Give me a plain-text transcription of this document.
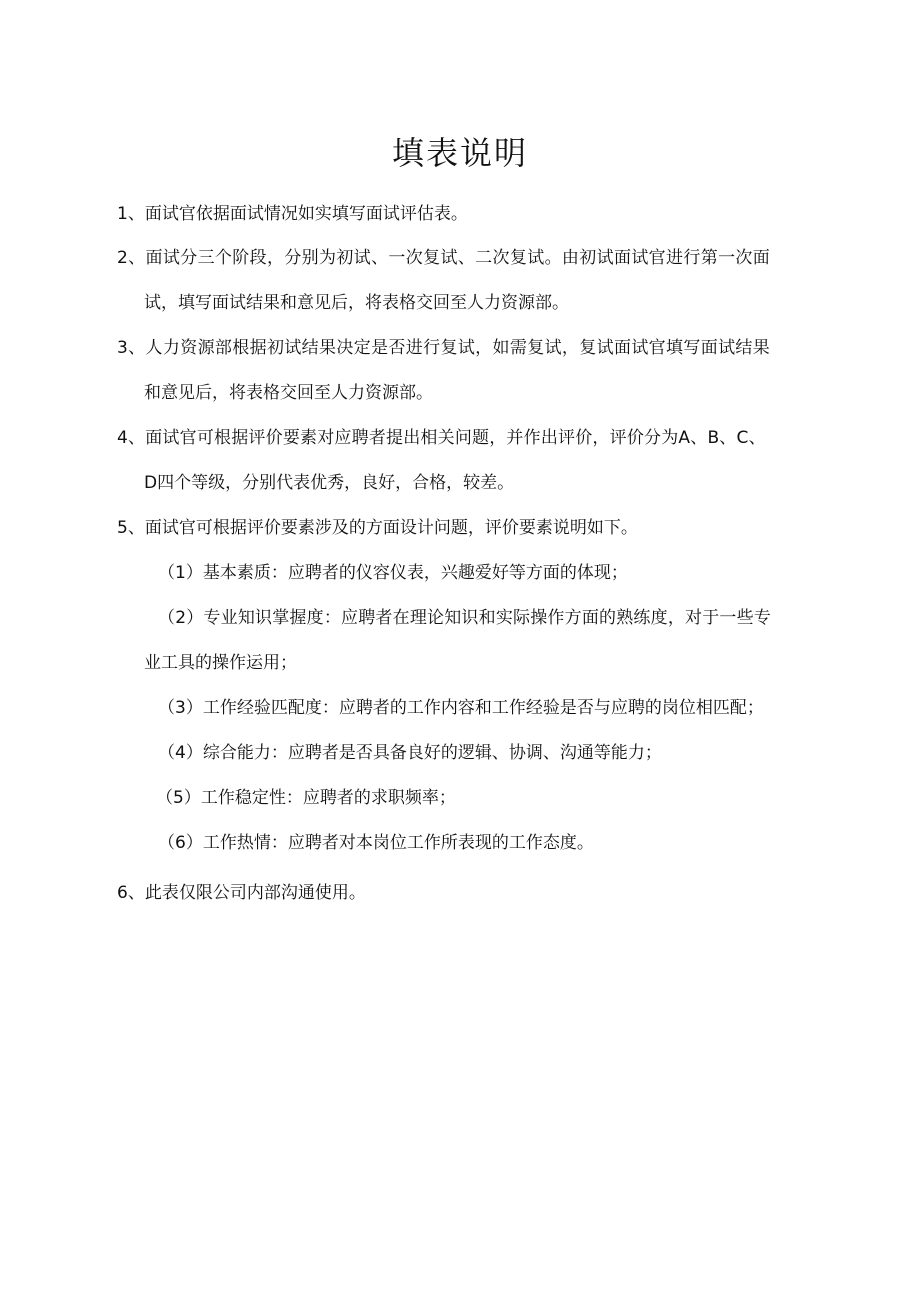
填表说明
1、面试官依据面试情况如实填写面试评估表。
2、面试分三个阶段，分别为初试、一次复试、二次复试。由初试面试官进行第一次面
试，填写面试结果和意见后，将表格交回至人力资源部。
3、人力资源部根据初试结果决定是否进行复试，如需复试，复试面试官填写面试结果
和意见后，将表格交回至人力资源部。
4、面试官可根据评价要素对应聘者提出相关问题，并作出评价，评价分为A、B、C、
D四个等级，分别代表优秀，良好，合格，较差。
5、面试官可根据评价要素涉及的方面设计问题，评价要素说明如下。
（1）基本素质：应聘者的仪容仪表，兴趣爱好等方面的体现；
（2）专业知识掌握度：应聘者在理论知识和实际操作方面的熟练度，对于一些专
业工具的操作运用；
（3）工作经验匹配度：应聘者的工作内容和工作经验是否与应聘的岗位相匹配；
（4）综合能力：应聘者是否具备良好的逻辑、协调、沟通等能力；
（5）工作稳定性：应聘者的求职频率；
（6）工作热情：应聘者对本岗位工作所表现的工作态度。
6、此表仅限公司内部沟通使用。
